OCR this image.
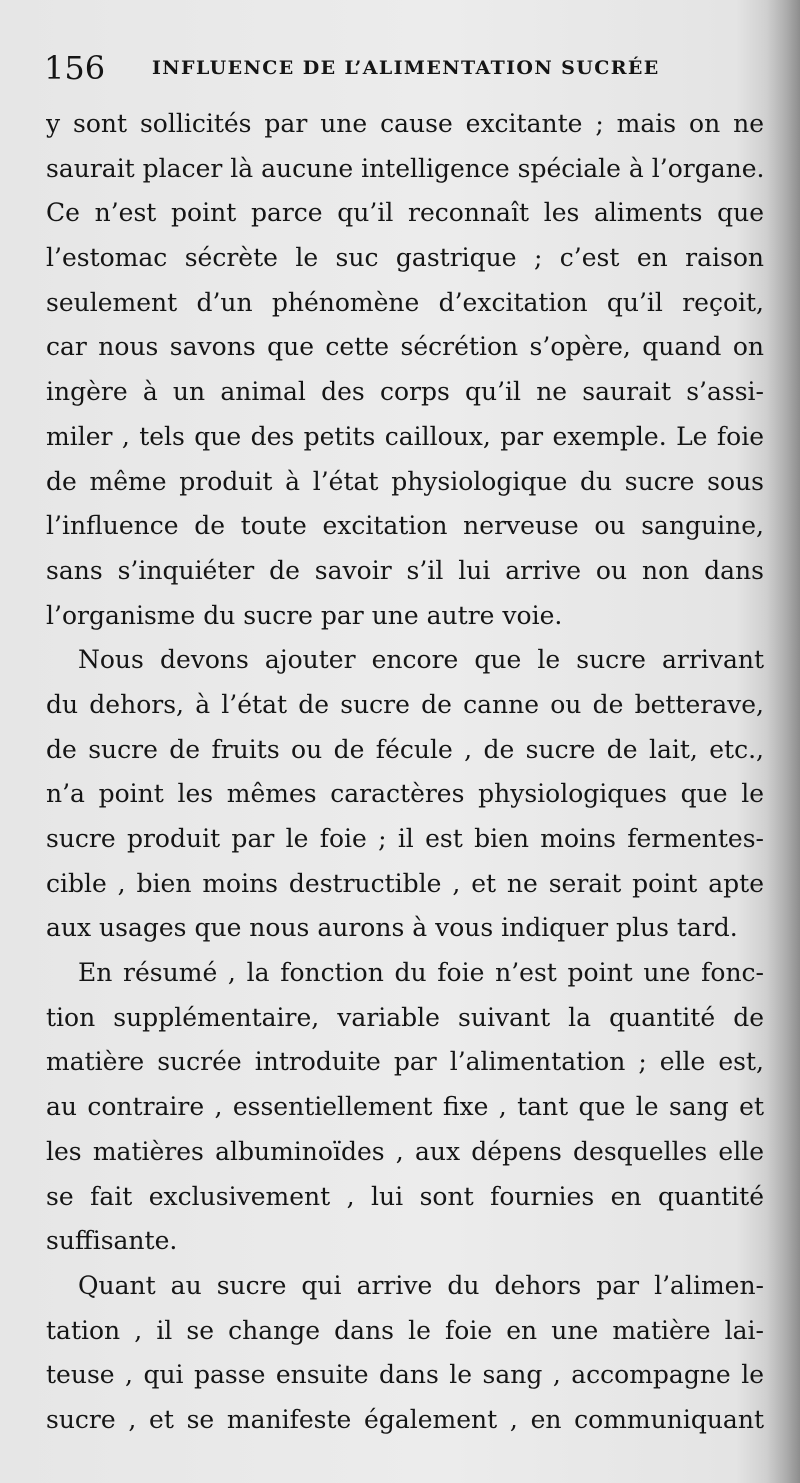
156 INFLUENCE DE L’ALIMENTATION SUCRÉE
y sont sollicités par une cause excitante ; mais on ne
saurait placer là aucune intelligence spéciale à l’organe.
Ce n’est point parce qu’il reconnaît les aliments que
l’estomac sécrète le suc gastrique ; c’est en raison
seulement d’un phénomène d’excitation qu’il reçoit,
car nous savons que cette sécrétion s’opère, quand on
ingère à un animal des corps qu’il ne saurait s’assi-
miler , tels que des petits cailloux, par exemple. Le foie
de même produit à l’état physiologique du sucre sous
l’influence de toute excitation nerveuse ou sanguine,
sans s’inquiéter de savoir s’il lui arrive ou non dans
l’organisme du sucre par une autre voie.
Nous devons ajouter encore que le sucre arrivant
du dehors, à l’état de sucre de canne ou de betterave,
de sucre de fruits ou de fécule , de sucre de lait, etc.,
n’a point les mêmes caractères physiologiques que le
sucre produit par le foie ; il est bien moins fermentes-
cible , bien moins destructible , et ne serait point apte
aux usages que nous aurons à vous indiquer plus tard.
En résumé , la fonction du foie n’est point une fonc-
tion supplémentaire, variable suivant la quantité de
matière sucrée introduite par l’alimentation ; elle est,
au contraire , essentiellement fixe , tant que le sang et
les matières albuminoïdes , aux dépens desquelles elle
se fait exclusivement , lui sont fournies en quantité
suffisante.
Quant au sucre qui arrive du dehors par l’alimen-
tation , il se change dans le foie en une matière lai-
teuse , qui passe ensuite dans le sang , accompagne le
sucre , et se manifeste également , en communiquant
